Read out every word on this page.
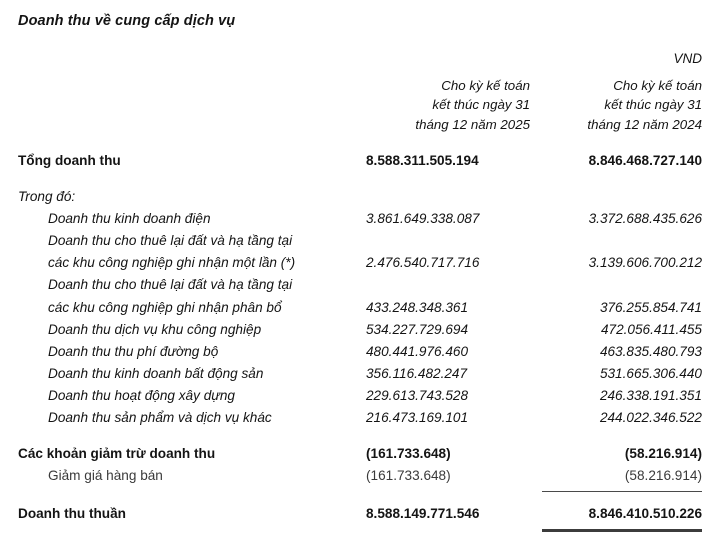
Doanh thu về cung cấp dịch vụ
VND
Cho kỳ kế toán
kết thúc ngày 31
tháng 12 năm 2025
Cho kỳ kế toán
kết thúc ngày 31
tháng 12 năm 2024
Tổng doanh thu	8.588.311.505.194	8.846.468.727.140
Trong đó:		
Doanh thu kinh doanh điện	3.861.649.338.087	3.372.688.435.626
Doanh thu cho thuê lại đất và hạ tầng tại		
các khu công nghiệp ghi nhận một lần (*)	2.476.540.717.716	3.139.606.700.212
Doanh thu cho thuê lại đất và hạ tầng tại		
các khu công nghiệp ghi nhận phân bổ	433.248.348.361	376.255.854.741
Doanh thu dịch vụ khu công nghiệp	534.227.729.694	472.056.411.455
Doanh thu thu phí đường bộ	480.441.976.460	463.835.480.793
Doanh thu kinh doanh bất động sản	356.116.482.247	531.665.306.440
Doanh thu hoạt động xây dựng	229.613.743.528	246.338.191.351
Doanh thu sản phẩm và dịch vụ khác	216.473.169.101	244.022.346.522
Các khoản giảm trừ doanh thu	(161.733.648)	(58.216.914)
Giảm giá hàng bán	(161.733.648)	(58.216.914)

Doanh thu thuần	8.588.149.771.546	8.846.410.510.226
